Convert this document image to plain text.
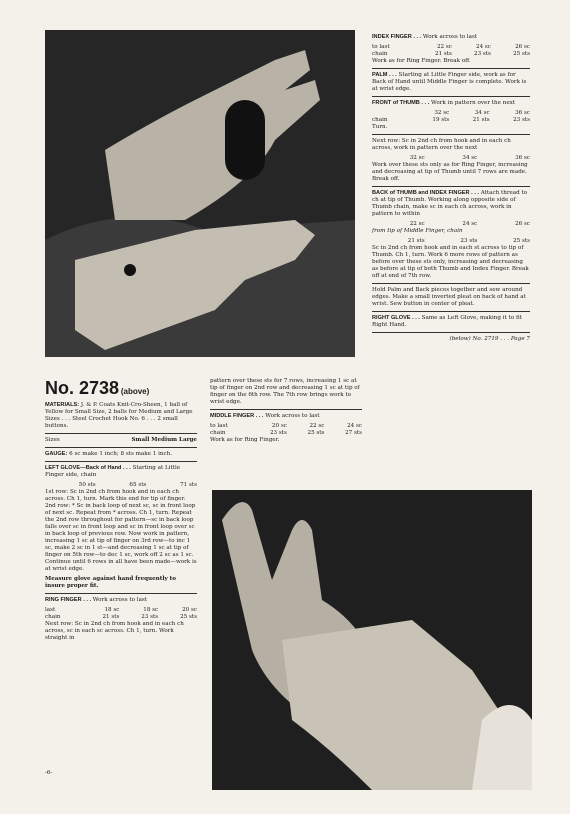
INDEX FINGER . . . Work across to last

to last	22 sc	24 sc	26 sc
chain	21 sts	23 sts	25 sts

Work as for Ring Finger. Break off.

PALM . . . Starting at Little Finger side, work as for Back of Hand until Middle Finger is complete. Work is at wrist edge.

FRONT of THUMB . . . Work in pattern over the next

	32 sc	34 sc	36 sc
chain	19 sts	21 sts	23 sts

Turn.

Next row: Sc in 2nd ch from hook and in each ch across, work in pattern over the next

	32 sc	34 sc	36 sc

Work over these sts only as for Ring Finger, increasing and decreasing at tip of Thumb until 7 rows are made. Break off.

BACK of THUMB and INDEX FINGER . . . Attach thread to ch at tip of Thumb. Working along opposite side of Thumb chain, make sc in each ch across, work in pattern to within

	22 sc	24 sc	26 sc

from tip of Middle Finger, chain

	21 sts	23 sts	25 sts

Sc in 2nd ch from hook and in each st across to tip of Thumb. Ch 1, turn. Work 6 more rows of pattern as before over these sts only, increasing and decreasing as before at tip of both Thumb and Index Finger. Break off at end of 7th row.

Hold Palm and Back pieces together and sew around edges. Make a small inverted pleat on back of hand at wrist. Sew button in center of pleat.

RIGHT GLOVE . . . Same as Left Glove, making it to fit Right Hand.

(below) No. 2719 . . . Page 7

No. 2738 (above)

MATERIALS: J. & P. Coats Knit-Cro-Sheen, 1 ball of Yellow for Small Size, 2 balls for Medium and Large Sizes . . . Steel Crochet Hook No. 6 . . . 2 small buttons.

Sizes	Small Medium Large

GAUGE: 6 sc make 1 inch; 8 sts make 1 inch.

LEFT GLOVE—Back of Hand . . . Starting at Little Finger side, chain

	50 sts	65 sts	71 sts

1st row: Sc in 2nd ch from hook and in each ch across. Ch 1, turn. Mark this end for tip of finger. 2nd row: * Sc in back loop of next sc, sc in front loop of next sc. Repeat from * across. Ch 1, turn. Repeat the 2nd row throughout for pattern—sc in back loop falls over sc in front loop and sc in front loop over sc in back loop of previous row. Now work in pattern, increasing 1 sc at tip of finger on 3rd row—to inc 1 sc, make 2 sc in 1 st—and decreasing 1 sc at tip of finger on 5th row—to dec 1 sc, work off 2 sc as 1 sc. Continue until 6 rows in all have been made—work is at wrist edge.

Measure glove against hand frequently to insure proper fit.

RING FINGER . . . Work across to last

last	18 sc	18 sc	20 sc
chain	21 sts	23 sts	25 sts

Next row: Sc in 2nd ch from hook and in each ch across, sc in each sc across. Ch 1, turn. Work straight in

-6-

pattern over these sts for 7 rows, increasing 1 sc at tip of finger on 2nd row and decreasing 1 sc at tip of finger on the 6th row. The 7th row brings work to wrist edge.

MIDDLE FINGER . . . Work across to last

to last	20 sc	22 sc	24 sc
chain	23 sts	25 sts	27 sts

Work as for Ring Finger.
